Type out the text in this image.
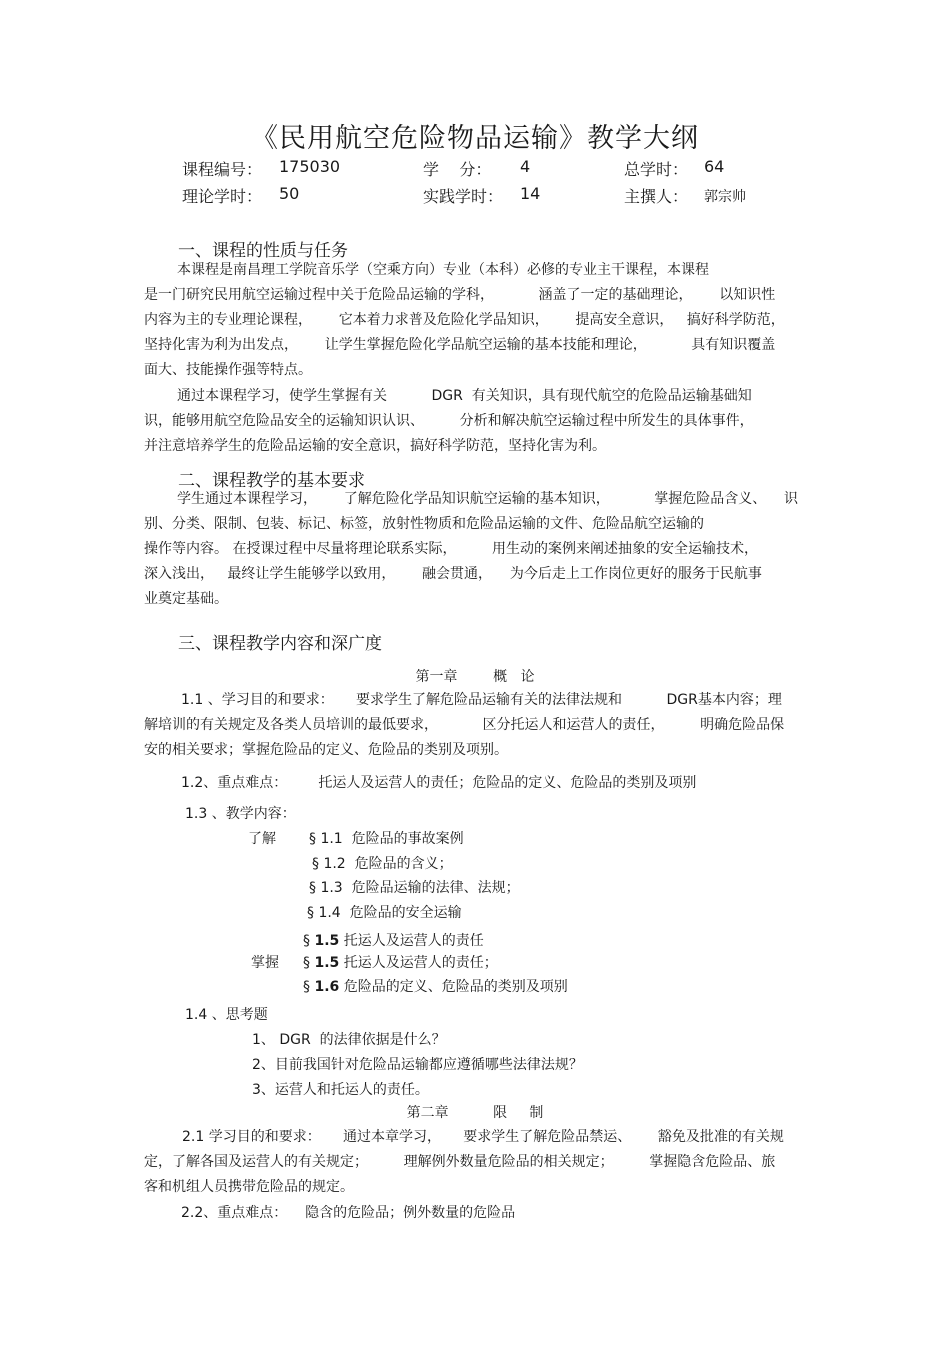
《民用航空危险物品运输》教学大纲
课程编号： 175030	学    分： 4	总学时： 64
理论学时： 50	实践学时： 14	主撰人： 郭宗帅
一、课程的性质与任务
本课程是南昌理工学院音乐学（空乘方向）专业（本科）必修的专业主干课程，本课程
是一门研究民用航空运输过程中关于危险品运输的学科，          涵盖了一定的基础理论，      以知识性
内容为主的专业理论课程，      它本着力求普及危险化学品知识，      提高安全意识，   搞好科学防范，
坚持化害为利为出发点，      让学生掌握危险化学品航空运输的基本技能和理论，          具有知识覆盖
面大、技能操作强等特点。
通过本课程学习，使学生掌握有关          DGR  有关知识，具有现代航空的危险品运输基础知
识，能够用航空危险品安全的运输知识认识、        分析和解决航空运输过程中所发生的具体事件，
并注意培养学生的危险品运输的安全意识，搞好科学防范，坚持化害为利。
二、课程教学的基本要求
学生通过本课程学习，      了解危险化学品知识航空运输的基本知识，          掌握危险品含义、    识
别、分类、限制、包装、标记、标签，放射性物质和危险品运输的文件、危险品航空运输的
操作等内容。 在授课过程中尽量将理论联系实际，        用生动的案例来阐述抽象的安全运输技术，
深入浅出，   最终让学生能够学以致用，      融会贯通，    为今后走上工作岗位更好的服务于民航事
业奠定基础。
三、课程教学内容和深广度
第一章        概   论
1.1 、学习目的和要求：     要求学生了解危险品运输有关的法律法规和          DGR基本内容；理
解培训的有关规定及各类人员培训的最低要求，          区分托运人和运营人的责任，        明确危险品保
安的相关要求；掌握危险品的定义、危险品的类别及项别。
1.2、重点难点：       托运人及运营人的责任；危险品的定义、危险品的类别及项别
1.3 、教学内容：
了解 § 1.1  危险品的事故案例
§ 1.2  危险品的含义；
§ 1.3  危险品运输的法律、法规；
§ 1.4  危险品的安全运输
§ 1.5 托运人及运营人的责任
掌握 § 1.5 托运人及运营人的责任；
§ 1.6 危险品的定义、危险品的类别及项别
1.4 、思考题
1、 DGR  的法律依据是什么？
2、目前我国针对危险品运输都应遵循哪些法律法规？
3、运营人和托运人的责任。
第二章          限     制
2.1 学习目的和要求：     通过本章学习，     要求学生了解危险品禁运、      豁免及批准的有关规
定，了解各国及运营人的有关规定；        理解例外数量危险品的相关规定；        掌握隐含危险品、旅
客和机组人员携带危险品的规定。
2.2、重点难点：    隐含的危险品；例外数量的危险品
